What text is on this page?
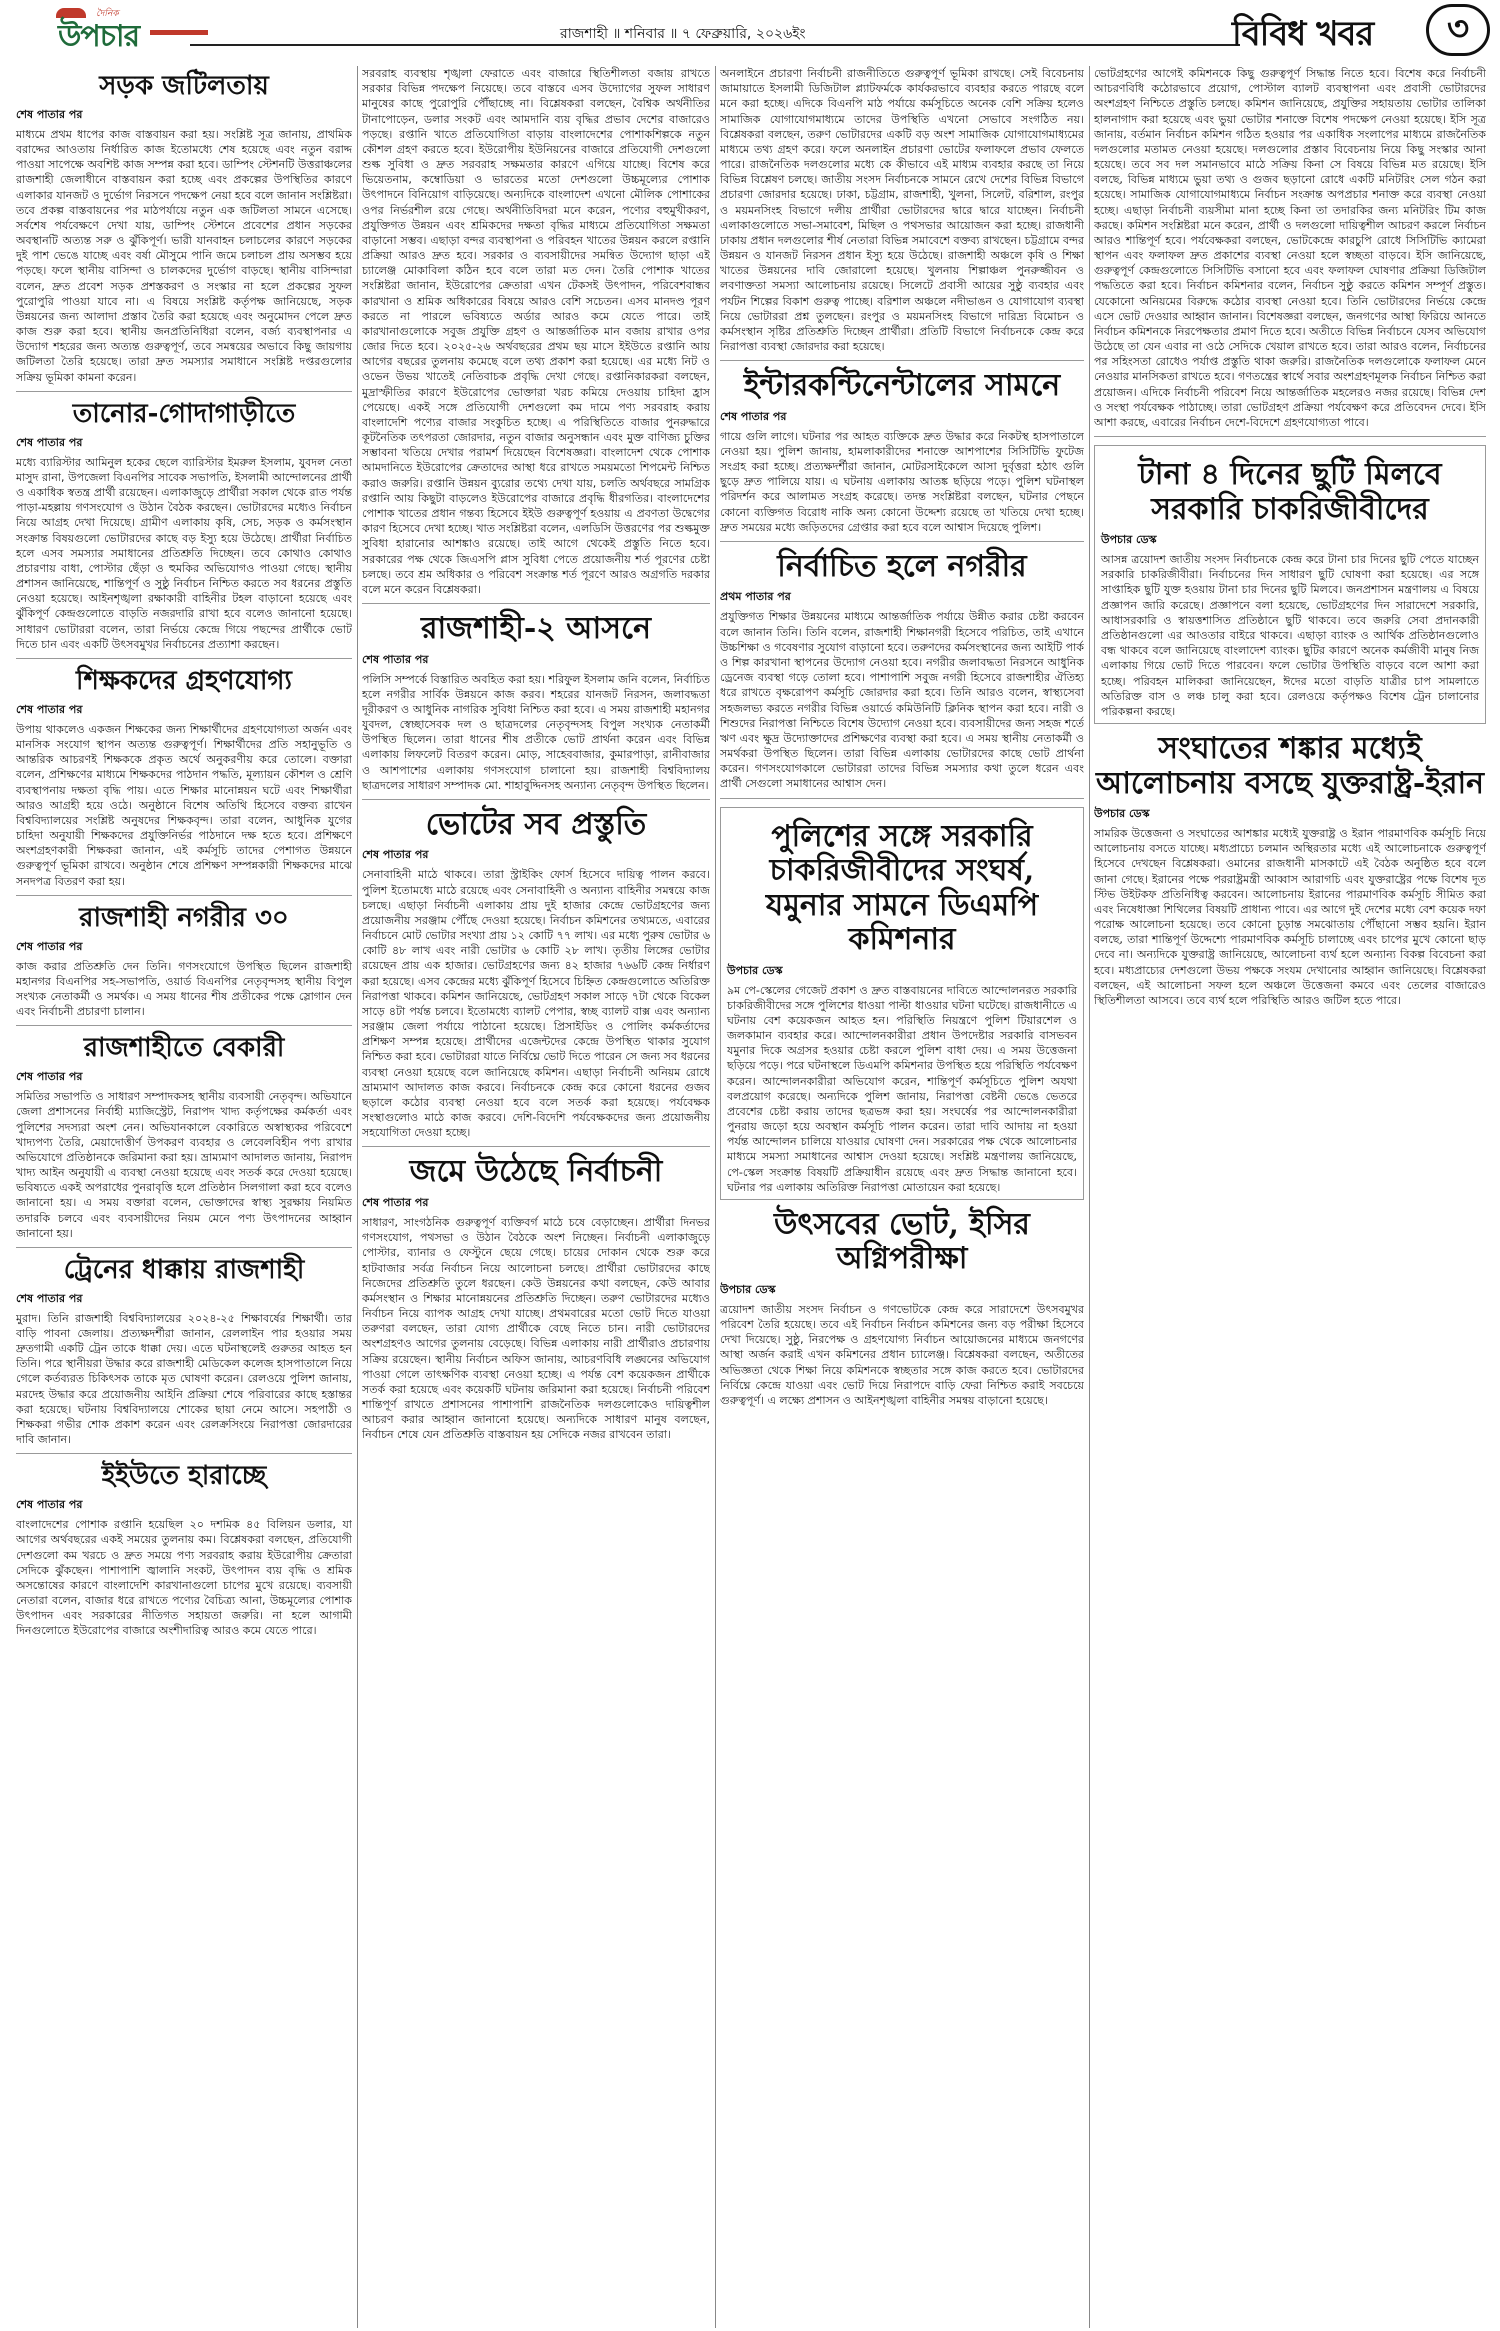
দৈনিক
উপচার	রাজশাহী ॥ শনিবার ॥ ৭ ফেব্রুয়ারি, ২০২৬ইং	বিবিধ খবর	৩
সড়ক জটিলতায়
শেষ পাতার পর

মাধ্যমে প্রথম ধাপের কাজ বাস্তবায়ন করা হয়। সংশ্লিষ্ট সূত্র জানায়, প্রাথমিক বরাদ্দের আওতায় নির্ধারিত কাজ ইতোমধ্যে শেষ হয়েছে এবং নতুন বরাদ্দ পাওয়া সাপেক্ষে অবশিষ্ট কাজ সম্পন্ন করা হবে। ডাম্পিং স্টেশনটি উত্তরাঞ্চলের রাজশাহী জেলাধীনে বাস্তবায়ন করা হচ্ছে এবং প্রকল্পের উপস্থিতির কারণে এলাকার যানজট ও দুর্ভোগ নিরসনে পদক্ষেপ নেয়া হবে বলে জানান সংশ্লিষ্টরা। তবে প্রকল্প বাস্তবায়নের পর মাঠপর্যায়ে নতুন এক জটিলতা সামনে এসেছে। সর্বশেষ পর্যবেক্ষণে দেখা যায়, ডাম্পিং স্টেশনে প্রবেশের প্রধান সড়কের অবস্থানটি অত্যন্ত সরু ও ঝুঁকিপূর্ণ। ভারী যানবাহন চলাচলের কারণে সড়কের দুই পাশ ভেঙে যাচ্ছে এবং বর্ষা মৌসুমে পানি জমে চলাচল প্রায় অসম্ভব হয়ে পড়ছে। ফলে স্থানীয় বাসিন্দা ও চালকদের দুর্ভোগ বাড়ছে। স্থানীয় বাসিন্দারা বলেন, দ্রুত প্রবেশ সড়ক প্রশস্তকরণ ও সংস্কার না হলে প্রকল্পের সুফল পুরোপুরি পাওয়া যাবে না। এ বিষয়ে সংশ্লিষ্ট কর্তৃপক্ষ জানিয়েছে, সড়ক উন্নয়নের জন্য আলাদা প্রস্তাব তৈরি করা হয়েছে এবং অনুমোদন পেলে দ্রুত কাজ শুরু করা হবে। স্থানীয় জনপ্রতিনিধিরা বলেন, বর্জ্য ব্যবস্থাপনার এ উদ্যোগ শহরের জন্য অত্যন্ত গুরুত্বপূর্ণ, তবে সমন্বয়ের অভাবে কিছু জায়গায় জটিলতা তৈরি হয়েছে। তারা দ্রুত সমস্যার সমাধানে সংশ্লিষ্ট দপ্তরগুলোর সক্রিয় ভূমিকা কামনা করেন।

তানোর-গোদাগাড়ীতে
শেষ পাতার পর

মধ্যে ব্যারিস্টার আমিনুল হকের ছেলে ব্যারিস্টার ইমরুল ইসলাম, যুবদল নেতা মাসুদ রানা, উপজেলা বিএনপির সাবেক সভাপতি, ইসলামী আন্দোলনের প্রার্থী ও একাধিক স্বতন্ত্র প্রার্থী রয়েছেন। এলাকাজুড়ে প্রার্থীরা সকাল থেকে রাত পর্যন্ত পাড়া-মহল্লায় গণসংযোগ ও উঠান বৈঠক করছেন। ভোটারদের মধ্যেও নির্বাচন নিয়ে আগ্রহ দেখা দিয়েছে। গ্রামীণ এলাকায় কৃষি, সেচ, সড়ক ও কর্মসংস্থান সংক্রান্ত বিষয়গুলো ভোটারদের কাছে বড় ইস্যু হয়ে উঠেছে। প্রার্থীরা নির্বাচিত হলে এসব সমস্যার সমাধানের প্রতিশ্রুতি দিচ্ছেন। তবে কোথাও কোথাও প্রচারণায় বাধা, পোস্টার ছেঁড়া ও হুমকির অভিযোগও পাওয়া গেছে। স্থানীয় প্রশাসন জানিয়েছে, শান্তিপূর্ণ ও সুষ্ঠু নির্বাচন নিশ্চিত করতে সব ধরনের প্রস্তুতি নেওয়া হয়েছে। আইনশৃঙ্খলা রক্ষাকারী বাহিনীর টহল বাড়ানো হয়েছে এবং ঝুঁকিপূর্ণ কেন্দ্রগুলোতে বাড়তি নজরদারি রাখা হবে বলেও জানানো হয়েছে। সাধারণ ভোটাররা বলেন, তারা নির্ভয়ে কেন্দ্রে গিয়ে পছন্দের প্রার্থীকে ভোট দিতে চান এবং একটি উৎসবমুখর নির্বাচনের প্রত্যাশা করছেন।

শিক্ষকদের গ্রহণযোগ্য
শেষ পাতার পর

উপায় থাকলেও একজন শিক্ষকের জন্য শিক্ষার্থীদের গ্রহণযোগ্যতা অর্জন এবং মানসিক সংযোগ স্থাপন অত্যন্ত গুরুত্বপূর্ণ। শিক্ষার্থীদের প্রতি সহানুভূতি ও আন্তরিক আচরণই শিক্ষককে প্রকৃত অর্থে অনুকরণীয় করে তোলে। বক্তারা বলেন, প্রশিক্ষণের মাধ্যমে শিক্ষকদের পাঠদান পদ্ধতি, মূল্যায়ন কৌশল ও শ্রেণি ব্যবস্থাপনায় দক্ষতা বৃদ্ধি পায়। এতে শিক্ষার মানোন্নয়ন ঘটে এবং শিক্ষার্থীরা আরও আগ্রহী হয়ে ওঠে। অনুষ্ঠানে বিশেষ অতিথি হিসেবে বক্তব্য রাখেন বিশ্ববিদ্যালয়ের সংশ্লিষ্ট অনুষদের শিক্ষকবৃন্দ। তারা বলেন, আধুনিক যুগের চাহিদা অনুযায়ী শিক্ষকদের প্রযুক্তিনির্ভর পাঠদানে দক্ষ হতে হবে। প্রশিক্ষণে অংশগ্রহণকারী শিক্ষকরা জানান, এই কর্মসূচি তাদের পেশাগত উন্নয়নে গুরুত্বপূর্ণ ভূমিকা রাখবে। অনুষ্ঠান শেষে প্রশিক্ষণ সম্পন্নকারী শিক্ষকদের মাঝে সনদপত্র বিতরণ করা হয়।

রাজশাহী নগরীর ৩০
শেষ পাতার পর

কাজ করার প্রতিশ্রুতি দেন তিনি। গণসংযোগে উপস্থিত ছিলেন রাজশাহী মহানগর বিএনপির সহ-সভাপতি, ওয়ার্ড বিএনপির নেতৃবৃন্দসহ স্থানীয় বিপুল সংখ্যক নেতাকর্মী ও সমর্থক। এ সময় ধানের শীষ প্রতীকের পক্ষে স্লোগান দেন এবং নির্বাচনী প্রচারণা চালান।

রাজশাহীতে বেকারী
শেষ পাতার পর

সমিতির সভাপতি ও সাধারণ সম্পাদকসহ স্থানীয় ব্যবসায়ী নেতৃবৃন্দ। অভিযানে জেলা প্রশাসনের নির্বাহী ম্যাজিস্ট্রেট, নিরাপদ খাদ্য কর্তৃপক্ষের কর্মকর্তা এবং পুলিশের সদস্যরা অংশ নেন। অভিযানকালে বেকারিতে অস্বাস্থ্যকর পরিবেশে খাদ্যপণ্য তৈরি, মেয়াদোত্তীর্ণ উপকরণ ব্যবহার ও লেবেলবিহীন পণ্য রাখার অভিযোগে প্রতিষ্ঠানকে জরিমানা করা হয়। ভ্রাম্যমাণ আদালত জানায়, নিরাপদ খাদ্য আইন অনুযায়ী এ ব্যবস্থা নেওয়া হয়েছে এবং সতর্ক করে দেওয়া হয়েছে। ভবিষ্যতে একই অপরাধের পুনরাবৃত্তি হলে প্রতিষ্ঠান সিলগালা করা হবে বলেও জানানো হয়। এ সময় বক্তারা বলেন, ভোক্তাদের স্বাস্থ্য সুরক্ষায় নিয়মিত তদারকি চলবে এবং ব্যবসায়ীদের নিয়ম মেনে পণ্য উৎপাদনের আহ্বান জানানো হয়।

ট্রেনের ধাক্কায় রাজশাহী
শেষ পাতার পর

মুরাদ। তিনি রাজশাহী বিশ্ববিদ্যালয়ের ২০২৪-২৫ শিক্ষাবর্ষের শিক্ষার্থী। তার বাড়ি পাবনা জেলায়। প্রত্যক্ষদর্শীরা জানান, রেললাইন পার হওয়ার সময় দ্রুতগামী একটি ট্রেন তাকে ধাক্কা দেয়। এতে ঘটনাস্থলেই গুরুতর আহত হন তিনি। পরে স্থানীয়রা উদ্ধার করে রাজশাহী মেডিকেল কলেজ হাসপাতালে নিয়ে গেলে কর্তব্যরত চিকিৎসক তাকে মৃত ঘোষণা করেন। রেলওয়ে পুলিশ জানায়, মরদেহ উদ্ধার করে প্রয়োজনীয় আইনি প্রক্রিয়া শেষে পরিবারের কাছে হস্তান্তর করা হয়েছে। ঘটনায় বিশ্ববিদ্যালয়ে শোকের ছায়া নেমে আসে। সহপাঠী ও শিক্ষকরা গভীর শোক প্রকাশ করেন এবং রেলক্রসিংয়ে নিরাপত্তা জোরদারের দাবি জানান।

ইইউতে হারাচ্ছে
শেষ পাতার পর

বাংলাদেশের পোশাক রপ্তানি হয়েছিল ২০ দশমিক ৪৫ বিলিয়ন ডলার, যা আগের অর্থবছরের একই সময়ের তুলনায় কম। বিশ্লেষকরা বলছেন, প্রতিযোগী দেশগুলো কম খরচে ও দ্রুত সময়ে পণ্য সরবরাহ করায় ইউরোপীয় ক্রেতারা সেদিকে ঝুঁকছেন। পাশাপাশি জ্বালানি সংকট, উৎপাদন ব্যয় বৃদ্ধি ও শ্রমিক অসন্তোষের কারণে বাংলাদেশি কারখানাগুলো চাপের মুখে রয়েছে। ব্যবসায়ী নেতারা বলেন, বাজার ধরে রাখতে পণ্যের বৈচিত্র্য আনা, উচ্চমূল্যের পোশাক উৎপাদন এবং সরকারের নীতিগত সহায়তা জরুরি। না হলে আগামী দিনগুলোতে ইউরোপের বাজারে অংশীদারিত্ব আরও কমে যেতে পারে।

সরবরাহ ব্যবস্থায় শৃঙ্খলা ফেরাতে এবং বাজারে স্থিতিশীলতা বজায় রাখতে সরকার বিভিন্ন পদক্ষেপ নিয়েছে। তবে বাস্তবে এসব উদ্যোগের সুফল সাধারণ মানুষের কাছে পুরোপুরি পৌঁছাচ্ছে না। বিশ্লেষকরা বলছেন, বৈশ্বিক অর্থনীতির টানাপোড়েন, ডলার সংকট এবং আমদানি ব্যয় বৃদ্ধির প্রভাব দেশের বাজারেও পড়ছে। রপ্তানি খাতে প্রতিযোগিতা বাড়ায় বাংলাদেশের পোশাকশিল্পকে নতুন কৌশল গ্রহণ করতে হবে। ইউরোপীয় ইউনিয়নের বাজারে প্রতিযোগী দেশগুলো শুল্ক সুবিধা ও দ্রুত সরবরাহ সক্ষমতার কারণে এগিয়ে যাচ্ছে। বিশেষ করে ভিয়েতনাম, কম্বোডিয়া ও ভারতের মতো দেশগুলো উচ্চমূল্যের পোশাক উৎপাদনে বিনিয়োগ বাড়িয়েছে। অন্যদিকে বাংলাদেশ এখনো মৌলিক পোশাকের ওপর নির্ভরশীল রয়ে গেছে। অর্থনীতিবিদরা মনে করেন, পণ্যের বহুমুখীকরণ, প্রযুক্তিগত উন্নয়ন এবং শ্রমিকদের দক্ষতা বৃদ্ধির মাধ্যমে প্রতিযোগিতা সক্ষমতা বাড়ানো সম্ভব। এছাড়া বন্দর ব্যবস্থাপনা ও পরিবহন খাতের উন্নয়ন করলে রপ্তানি প্রক্রিয়া আরও দ্রুত হবে। সরকার ও ব্যবসায়ীদের সমন্বিত উদ্যোগ ছাড়া এই চ্যালেঞ্জ মোকাবিলা কঠিন হবে বলে তারা মত দেন। তৈরি পোশাক খাতের সংশ্লিষ্টরা জানান, ইউরোপের ক্রেতারা এখন টেকসই উৎপাদন, পরিবেশবান্ধব কারখানা ও শ্রমিক অধিকারের বিষয়ে আরও বেশি সচেতন। এসব মানদণ্ড পূরণ করতে না পারলে ভবিষ্যতে অর্ডার আরও কমে যেতে পারে। তাই কারখানাগুলোকে সবুজ প্রযুক্তি গ্রহণ ও আন্তর্জাতিক মান বজায় রাখার ওপর জোর দিতে হবে। ২০২৫-২৬ অর্থবছরের প্রথম ছয় মাসে ইইউতে রপ্তানি আয় আগের বছরের তুলনায় কমেছে বলে তথ্য প্রকাশ করা হয়েছে। এর মধ্যে নিট ও ওভেন উভয় খাতেই নেতিবাচক প্রবৃদ্ধি দেখা গেছে। রপ্তানিকারকরা বলছেন, মুদ্রাস্ফীতির কারণে ইউরোপের ভোক্তারা খরচ কমিয়ে দেওয়ায় চাহিদা হ্রাস পেয়েছে। একই সঙ্গে প্রতিযোগী দেশগুলো কম দামে পণ্য সরবরাহ করায় বাংলাদেশি পণ্যের বাজার সংকুচিত হচ্ছে। এ পরিস্থিতিতে বাজার পুনরুদ্ধারে কূটনৈতিক তৎপরতা জোরদার, নতুন বাজার অনুসন্ধান এবং মুক্ত বাণিজ্য চুক্তির সম্ভাবনা খতিয়ে দেখার পরামর্শ দিয়েছেন বিশেষজ্ঞরা। বাংলাদেশ থেকে পোশাক আমদানিতে ইউরোপের ক্রেতাদের আস্থা ধরে রাখতে সময়মতো শিপমেন্ট নিশ্চিত করাও জরুরি। রপ্তানি উন্নয়ন ব্যুরোর তথ্যে দেখা যায়, চলতি অর্থবছরে সামগ্রিক রপ্তানি আয় কিছুটা বাড়লেও ইউরোপের বাজারে প্রবৃদ্ধি ধীরগতির। বাংলাদেশের পোশাক খাতের প্রধান গন্তব্য হিসেবে ইইউ গুরুত্বপূর্ণ হওয়ায় এ প্রবণতা উদ্বেগের কারণ হিসেবে দেখা হচ্ছে। খাত সংশ্লিষ্টরা বলেন, এলডিসি উত্তরণের পর শুল্কমুক্ত সুবিধা হারানোর আশঙ্কাও রয়েছে। তাই আগে থেকেই প্রস্তুতি নিতে হবে। সরকারের পক্ষ থেকে জিএসপি প্লাস সুবিধা পেতে প্রয়োজনীয় শর্ত পূরণের চেষ্টা চলছে। তবে শ্রম অধিকার ও পরিবেশ সংক্রান্ত শর্ত পূরণে আরও অগ্রগতি দরকার বলে মনে করেন বিশ্লেষকরা।

রাজশাহী-২ আসনে
শেষ পাতার পর

পলিসি সম্পর্কে বিস্তারিত অবহিত করা হয়। শরিফুল ইসলাম জনি বলেন, নির্বাচিত হলে নগরীর সার্বিক উন্নয়নে কাজ করব। শহরের যানজট নিরসন, জলাবদ্ধতা দূরীকরণ ও আধুনিক নাগরিক সুবিধা নিশ্চিত করা হবে। এ সময় রাজশাহী মহানগর যুবদল, স্বেচ্ছাসেবক দল ও ছাত্রদলের নেতৃবৃন্দসহ বিপুল সংখ্যক নেতাকর্মী উপস্থিত ছিলেন। তারা ধানের শীষ প্রতীকে ভোট প্রার্থনা করেন এবং বিভিন্ন এলাকায় লিফলেট বিতরণ করেন। মোড়, সাহেববাজার, কুমারপাড়া, রানীবাজার ও আশপাশের এলাকায় গণসংযোগ চালানো হয়। রাজশাহী বিশ্ববিদ্যালয় ছাত্রদলের সাধারণ সম্পাদক মো. শাহাবুদ্দিনসহ অন্যান্য নেতৃবৃন্দ উপস্থিত ছিলেন।

ভোটের সব প্রস্তুতি
শেষ পাতার পর

সেনাবাহিনী মাঠে থাকবে। তারা স্ট্রাইকিং ফোর্স হিসেবে দায়িত্ব পালন করবে। পুলিশ ইতোমধ্যে মাঠে রয়েছে এবং সেনাবাহিনী ও অন্যান্য বাহিনীর সমন্বয়ে কাজ চলছে। এছাড়া নির্বাচনী এলাকায় প্রায় দুই হাজার কেন্দ্রে ভোটগ্রহণের জন্য প্রয়োজনীয় সরঞ্জাম পৌঁছে দেওয়া হয়েছে। নির্বাচন কমিশনের তথ্যমতে, এবারের নির্বাচনে মোট ভোটার সংখ্যা প্রায় ১২ কোটি ৭৭ লাখ। এর মধ্যে পুরুষ ভোটার ৬ কোটি ৪৮ লাখ এবং নারী ভোটার ৬ কোটি ২৮ লাখ। তৃতীয় লিঙ্গের ভোটার রয়েছেন প্রায় এক হাজার। ভোটগ্রহণের জন্য ৪২ হাজার ৭৬৬টি কেন্দ্র নির্ধারণ করা হয়েছে। এসব কেন্দ্রের মধ্যে ঝুঁকিপূর্ণ হিসেবে চিহ্নিত কেন্দ্রগুলোতে অতিরিক্ত নিরাপত্তা থাকবে। কমিশন জানিয়েছে, ভোটগ্রহণ সকাল সাড়ে ৭টা থেকে বিকেল সাড়ে ৪টা পর্যন্ত চলবে। ইতোমধ্যে ব্যালট পেপার, স্বচ্ছ ব্যালট বাক্স এবং অন্যান্য সরঞ্জাম জেলা পর্যায়ে পাঠানো হয়েছে। প্রিসাইডিং ও পোলিং কর্মকর্তাদের প্রশিক্ষণ সম্পন্ন হয়েছে। প্রার্থীদের এজেন্টদের কেন্দ্রে উপস্থিত থাকার সুযোগ নিশ্চিত করা হবে। ভোটাররা যাতে নির্বিঘ্নে ভোট দিতে পারেন সে জন্য সব ধরনের ব্যবস্থা নেওয়া হয়েছে বলে জানিয়েছে কমিশন। এছাড়া নির্বাচনী অনিয়ম রোধে ভ্রাম্যমাণ আদালত কাজ করবে। নির্বাচনকে কেন্দ্র করে কোনো ধরনের গুজব ছড়ালে কঠোর ব্যবস্থা নেওয়া হবে বলে সতর্ক করা হয়েছে। পর্যবেক্ষক সংস্থাগুলোও মাঠে কাজ করবে। দেশি-বিদেশি পর্যবেক্ষকদের জন্য প্রয়োজনীয় সহযোগিতা দেওয়া হচ্ছে।

জমে উঠেছে নির্বাচনী
শেষ পাতার পর

সাধারণ, সাংগঠনিক গুরুত্বপূর্ণ ব্যক্তিবর্গ মাঠে চষে বেড়াচ্ছেন। প্রার্থীরা দিনভর গণসংযোগ, পথসভা ও উঠান বৈঠকে অংশ নিচ্ছেন। নির্বাচনী এলাকাজুড়ে পোস্টার, ব্যানার ও ফেস্টুনে ছেয়ে গেছে। চায়ের দোকান থেকে শুরু করে হাটবাজার সর্বত্র নির্বাচন নিয়ে আলোচনা চলছে। প্রার্থীরা ভোটারদের কাছে নিজেদের প্রতিশ্রুতি তুলে ধরছেন। কেউ উন্নয়নের কথা বলছেন, কেউ আবার কর্মসংস্থান ও শিক্ষার মানোন্নয়নের প্রতিশ্রুতি দিচ্ছেন। তরুণ ভোটারদের মধ্যেও নির্বাচন নিয়ে ব্যাপক আগ্রহ দেখা যাচ্ছে। প্রথমবারের মতো ভোট দিতে যাওয়া তরুণরা বলছেন, তারা যোগ্য প্রার্থীকে বেছে নিতে চান। নারী ভোটারদের অংশগ্রহণও আগের তুলনায় বেড়েছে। বিভিন্ন এলাকায় নারী প্রার্থীরাও প্রচারণায় সক্রিয় রয়েছেন। স্থানীয় নির্বাচন অফিস জানায়, আচরণবিধি লঙ্ঘনের অভিযোগ পাওয়া গেলে তাৎক্ষণিক ব্যবস্থা নেওয়া হচ্ছে। এ পর্যন্ত বেশ কয়েকজন প্রার্থীকে সতর্ক করা হয়েছে এবং কয়েকটি ঘটনায় জরিমানা করা হয়েছে। নির্বাচনী পরিবেশ শান্তিপূর্ণ রাখতে প্রশাসনের পাশাপাশি রাজনৈতিক দলগুলোকেও দায়িত্বশীল আচরণ করার আহ্বান জানানো হয়েছে। অন্যদিকে সাধারণ মানুষ বলছেন, নির্বাচন শেষে যেন প্রতিশ্রুতি বাস্তবায়ন হয় সেদিকে নজর রাখবেন তারা।

অনলাইনে প্রচারণা নির্বাচনী রাজনীতিতে গুরুত্বপূর্ণ ভূমিকা রাখছে। সেই বিবেচনায় জামায়াতে ইসলামী ডিজিটাল প্ল্যাটফর্মকে কার্যকরভাবে ব্যবহার করতে পারছে বলে মনে করা হচ্ছে। এদিকে বিএনপি মাঠ পর্যায়ে কর্মসূচিতে অনেক বেশি সক্রিয় হলেও সামাজিক যোগাযোগমাধ্যমে তাদের উপস্থিতি এখনো সেভাবে সংগঠিত নয়। বিশ্লেষকরা বলছেন, তরুণ ভোটারদের একটি বড় অংশ সামাজিক যোগাযোগমাধ্যমের মাধ্যমে তথ্য গ্রহণ করে। ফলে অনলাইন প্রচারণা ভোটের ফলাফলে প্রভাব ফেলতে পারে। রাজনৈতিক দলগুলোর মধ্যে কে কীভাবে এই মাধ্যম ব্যবহার করছে তা নিয়ে বিভিন্ন বিশ্লেষণ চলছে। জাতীয় সংসদ নির্বাচনকে সামনে রেখে দেশের বিভিন্ন বিভাগে প্রচারণা জোরদার হয়েছে। ঢাকা, চট্টগ্রাম, রাজশাহী, খুলনা, সিলেট, বরিশাল, রংপুর ও ময়মনসিংহ বিভাগে দলীয় প্রার্থীরা ভোটারদের দ্বারে দ্বারে যাচ্ছেন। নির্বাচনী এলাকাগুলোতে সভা-সমাবেশ, মিছিল ও পথসভার আয়োজন করা হচ্ছে। রাজধানী ঢাকায় প্রধান দলগুলোর শীর্ষ নেতারা বিভিন্ন সমাবেশে বক্তব্য রাখছেন। চট্টগ্রামে বন্দর উন্নয়ন ও যানজট নিরসন প্রধান ইস্যু হয়ে উঠেছে। রাজশাহী অঞ্চলে কৃষি ও শিক্ষা খাতের উন্নয়নের দাবি জোরালো হয়েছে। খুলনায় শিল্পাঞ্চল পুনরুজ্জীবন ও লবণাক্ততা সমস্যা আলোচনায় রয়েছে। সিলেটে প্রবাসী আয়ের সুষ্ঠু ব্যবহার এবং পর্যটন শিল্পের বিকাশ গুরুত্ব পাচ্ছে। বরিশাল অঞ্চলে নদীভাঙন ও যোগাযোগ ব্যবস্থা নিয়ে ভোটাররা প্রশ্ন তুলছেন। রংপুর ও ময়মনসিংহ বিভাগে দারিদ্র্য বিমোচন ও কর্মসংস্থান সৃষ্টির প্রতিশ্রুতি দিচ্ছেন প্রার্থীরা। প্রতিটি বিভাগে নির্বাচনকে কেন্দ্র করে নিরাপত্তা ব্যবস্থা জোরদার করা হয়েছে।

ইন্টারকন্টিনেন্টালের সামনে
শেষ পাতার পর

গায়ে গুলি লাগে। ঘটনার পর আহত ব্যক্তিকে দ্রুত উদ্ধার করে নিকটস্থ হাসপাতালে নেওয়া হয়। পুলিশ জানায়, হামলাকারীদের শনাক্তে আশপাশের সিসিটিভি ফুটেজ সংগ্রহ করা হচ্ছে। প্রত্যক্ষদর্শীরা জানান, মোটরসাইকেলে আসা দুর্বৃত্তরা হঠাৎ গুলি ছুড়ে দ্রুত পালিয়ে যায়। এ ঘটনায় এলাকায় আতঙ্ক ছড়িয়ে পড়ে। পুলিশ ঘটনাস্থল পরিদর্শন করে আলামত সংগ্রহ করেছে। তদন্ত সংশ্লিষ্টরা বলছেন, ঘটনার পেছনে কোনো ব্যক্তিগত বিরোধ নাকি অন্য কোনো উদ্দেশ্য রয়েছে তা খতিয়ে দেখা হচ্ছে। দ্রুত সময়ের মধ্যে জড়িতদের গ্রেপ্তার করা হবে বলে আশ্বাস দিয়েছে পুলিশ।

নির্বাচিত হলে নগরীর
প্রথম পাতার পর

প্রযুক্তিগত শিক্ষার উন্নয়নের মাধ্যমে আন্তর্জাতিক পর্যায়ে উন্নীত করার চেষ্টা করবেন বলে জানান তিনি। তিনি বলেন, রাজশাহী শিক্ষানগরী হিসেবে পরিচিত, তাই এখানে উচ্চশিক্ষা ও গবেষণার সুযোগ বাড়ানো হবে। তরুণদের কর্মসংস্থানের জন্য আইটি পার্ক ও শিল্প কারখানা স্থাপনের উদ্যোগ নেওয়া হবে। নগরীর জলাবদ্ধতা নিরসনে আধুনিক ড্রেনেজ ব্যবস্থা গড়ে তোলা হবে। পাশাপাশি সবুজ নগরী হিসেবে রাজশাহীর ঐতিহ্য ধরে রাখতে বৃক্ষরোপণ কর্মসূচি জোরদার করা হবে। তিনি আরও বলেন, স্বাস্থ্যসেবা সহজলভ্য করতে নগরীর বিভিন্ন ওয়ার্ডে কমিউনিটি ক্লিনিক স্থাপন করা হবে। নারী ও শিশুদের নিরাপত্তা নিশ্চিতে বিশেষ উদ্যোগ নেওয়া হবে। ব্যবসায়ীদের জন্য সহজ শর্তে ঋণ এবং ক্ষুদ্র উদ্যোক্তাদের প্রশিক্ষণের ব্যবস্থা করা হবে। এ সময় স্থানীয় নেতাকর্মী ও সমর্থকরা উপস্থিত ছিলেন। তারা বিভিন্ন এলাকায় ভোটারদের কাছে ভোট প্রার্থনা করেন। গণসংযোগকালে ভোটাররা তাদের বিভিন্ন সমস্যার কথা তুলে ধরেন এবং প্রার্থী সেগুলো সমাধানের আশ্বাস দেন।

পুলিশের সঙ্গে সরকারি চাকরিজীবীদের সংঘর্ষ, যমুনার সামনে ডিএমপি কমিশনার
উপচার ডেস্ক

৯ম পে-স্কেলের গেজেট প্রকাশ ও দ্রুত বাস্তবায়নের দাবিতে আন্দোলনরত সরকারি চাকরিজীবীদের সঙ্গে পুলিশের ধাওয়া পাল্টা ধাওয়ার ঘটনা ঘটেছে। রাজধানীতে এ ঘটনায় বেশ কয়েকজন আহত হন। পরিস্থিতি নিয়ন্ত্রণে পুলিশ টিয়ারশেল ও জলকামান ব্যবহার করে। আন্দোলনকারীরা প্রধান উপদেষ্টার সরকারি বাসভবন যমুনার দিকে অগ্রসর হওয়ার চেষ্টা করলে পুলিশ বাধা দেয়। এ সময় উত্তেজনা ছড়িয়ে পড়ে। পরে ঘটনাস্থলে ডিএমপি কমিশনার উপস্থিত হয়ে পরিস্থিতি পর্যবেক্ষণ করেন। আন্দোলনকারীরা অভিযোগ করেন, শান্তিপূর্ণ কর্মসূচিতে পুলিশ অযথা বলপ্রয়োগ করেছে। অন্যদিকে পুলিশ জানায়, নিরাপত্তা বেষ্টনী ভেঙে ভেতরে প্রবেশের চেষ্টা করায় তাদের ছত্রভঙ্গ করা হয়। সংঘর্ষের পর আন্দোলনকারীরা পুনরায় জড়ো হয়ে অবস্থান কর্মসূচি পালন করেন। তারা দাবি আদায় না হওয়া পর্যন্ত আন্দোলন চালিয়ে যাওয়ার ঘোষণা দেন। সরকারের পক্ষ থেকে আলোচনার মাধ্যমে সমস্যা সমাধানের আশ্বাস দেওয়া হয়েছে। সংশ্লিষ্ট মন্ত্রণালয় জানিয়েছে, পে-স্কেল সংক্রান্ত বিষয়টি প্রক্রিয়াধীন রয়েছে এবং দ্রুত সিদ্ধান্ত জানানো হবে। ঘটনার পর এলাকায় অতিরিক্ত নিরাপত্তা মোতায়েন করা হয়েছে।

উৎসবের ভোট, ইসির অগ্নিপরীক্ষা
উপচার ডেস্ক

ত্রয়োদশ জাতীয় সংসদ নির্বাচন ও গণভোটকে কেন্দ্র করে সারাদেশে উৎসবমুখর পরিবেশ তৈরি হয়েছে। তবে এই নির্বাচন নির্বাচন কমিশনের জন্য বড় পরীক্ষা হিসেবে দেখা দিয়েছে। সুষ্ঠু, নিরপেক্ষ ও গ্রহণযোগ্য নির্বাচন আয়োজনের মাধ্যমে জনগণের আস্থা অর্জন করাই এখন কমিশনের প্রধান চ্যালেঞ্জ। বিশ্লেষকরা বলছেন, অতীতের অভিজ্ঞতা থেকে শিক্ষা নিয়ে কমিশনকে স্বচ্ছতার সঙ্গে কাজ করতে হবে। ভোটারদের নির্বিঘ্নে কেন্দ্রে যাওয়া এবং ভোট দিয়ে নিরাপদে বাড়ি ফেরা নিশ্চিত করাই সবচেয়ে গুরুত্বপূর্ণ। এ লক্ষ্যে প্রশাসন ও আইনশৃঙ্খলা বাহিনীর সমন্বয় বাড়ানো হয়েছে।

ভোটগ্রহণের আগেই কমিশনকে কিছু গুরুত্বপূর্ণ সিদ্ধান্ত নিতে হবে। বিশেষ করে নির্বাচনী আচরণবিধি কঠোরভাবে প্রয়োগ, পোস্টাল ব্যালট ব্যবস্থাপনা এবং প্রবাসী ভোটারদের অংশগ্রহণ নিশ্চিতে প্রস্তুতি চলছে। কমিশন জানিয়েছে, প্রযুক্তির সহায়তায় ভোটার তালিকা হালনাগাদ করা হয়েছে এবং ভুয়া ভোটার শনাক্তে বিশেষ পদক্ষেপ নেওয়া হয়েছে। ইসি সূত্র জানায়, বর্তমান নির্বাচন কমিশন গঠিত হওয়ার পর একাধিক সংলাপের মাধ্যমে রাজনৈতিক দলগুলোর মতামত নেওয়া হয়েছে। দলগুলোর প্রস্তাব বিবেচনায় নিয়ে কিছু সংস্কার আনা হয়েছে। তবে সব দল সমানভাবে মাঠে সক্রিয় কিনা সে বিষয়ে বিভিন্ন মত রয়েছে। ইসি বলছে, বিভিন্ন মাধ্যমে ভুয়া তথ্য ও গুজব ছড়ানো রোধে একটি মনিটরিং সেল গঠন করা হয়েছে। সামাজিক যোগাযোগমাধ্যমে নির্বাচন সংক্রান্ত অপপ্রচার শনাক্ত করে ব্যবস্থা নেওয়া হচ্ছে। এছাড়া নির্বাচনী ব্যয়সীমা মানা হচ্ছে কিনা তা তদারকির জন্য মনিটরিং টিম কাজ করছে। কমিশন সংশ্লিষ্টরা মনে করেন, প্রার্থী ও দলগুলো দায়িত্বশীল আচরণ করলে নির্বাচন আরও শান্তিপূর্ণ হবে। পর্যবেক্ষকরা বলছেন, ভোটকেন্দ্রে কারচুপি রোধে সিসিটিভি ক্যামেরা স্থাপন এবং ফলাফল দ্রুত প্রকাশের ব্যবস্থা নেওয়া হলে স্বচ্ছতা বাড়বে। ইসি জানিয়েছে, গুরুত্বপূর্ণ কেন্দ্রগুলোতে সিসিটিভি বসানো হবে এবং ফলাফল ঘোষণার প্রক্রিয়া ডিজিটাল পদ্ধতিতে করা হবে। নির্বাচন কমিশনার বলেন, নির্বাচন সুষ্ঠু করতে কমিশন সম্পূর্ণ প্রস্তুত। যেকোনো অনিয়মের বিরুদ্ধে কঠোর ব্যবস্থা নেওয়া হবে। তিনি ভোটারদের নির্ভয়ে কেন্দ্রে এসে ভোট দেওয়ার আহ্বান জানান। বিশেষজ্ঞরা বলছেন, জনগণের আস্থা ফিরিয়ে আনতে নির্বাচন কমিশনকে নিরপেক্ষতার প্রমাণ দিতে হবে। অতীতে বিভিন্ন নির্বাচনে যেসব অভিযোগ উঠেছে তা যেন এবার না ওঠে সেদিকে খেয়াল রাখতে হবে। তারা আরও বলেন, নির্বাচনের পর সহিংসতা রোধেও পর্যাপ্ত প্রস্তুতি থাকা জরুরি। রাজনৈতিক দলগুলোকে ফলাফল মেনে নেওয়ার মানসিকতা রাখতে হবে। গণতন্ত্রের স্বার্থে সবার অংশগ্রহণমূলক নির্বাচন নিশ্চিত করা প্রয়োজন। এদিকে নির্বাচনী পরিবেশ নিয়ে আন্তর্জাতিক মহলেরও নজর রয়েছে। বিভিন্ন দেশ ও সংস্থা পর্যবেক্ষক পাঠাচ্ছে। তারা ভোটগ্রহণ প্রক্রিয়া পর্যবেক্ষণ করে প্রতিবেদন দেবে। ইসি আশা করছে, এবারের নির্বাচন দেশে-বিদেশে গ্রহণযোগ্যতা পাবে।

টানা ৪ দিনের ছুটি মিলবে সরকারি চাকরিজীবীদের
উপচার ডেস্ক

আসন্ন ত্রয়োদশ জাতীয় সংসদ নির্বাচনকে কেন্দ্র করে টানা চার দিনের ছুটি পেতে যাচ্ছেন সরকারি চাকরিজীবীরা। নির্বাচনের দিন সাধারণ ছুটি ঘোষণা করা হয়েছে। এর সঙ্গে সাপ্তাহিক ছুটি যুক্ত হওয়ায় টানা চার দিনের ছুটি মিলবে। জনপ্রশাসন মন্ত্রণালয় এ বিষয়ে প্রজ্ঞাপন জারি করেছে। প্রজ্ঞাপনে বলা হয়েছে, ভোটগ্রহণের দিন সারাদেশে সরকারি, আধাসরকারি ও স্বায়ত্তশাসিত প্রতিষ্ঠানে ছুটি থাকবে। তবে জরুরি সেবা প্রদানকারী প্রতিষ্ঠানগুলো এর আওতার বাইরে থাকবে। এছাড়া ব্যাংক ও আর্থিক প্রতিষ্ঠানগুলোও বন্ধ থাকবে বলে জানিয়েছে বাংলাদেশ ব্যাংক। ছুটির কারণে অনেক কর্মজীবী মানুষ নিজ এলাকায় গিয়ে ভোট দিতে পারবেন। ফলে ভোটার উপস্থিতি বাড়বে বলে আশা করা হচ্ছে। পরিবহন মালিকরা জানিয়েছেন, ঈদের মতো বাড়তি যাত্রীর চাপ সামলাতে অতিরিক্ত বাস ও লঞ্চ চালু করা হবে। রেলওয়ে কর্তৃপক্ষও বিশেষ ট্রেন চালানোর পরিকল্পনা করছে।

সংঘাতের শঙ্কার মধ্যেই আলোচনায় বসছে যুক্তরাষ্ট্র-ইরান
উপচার ডেস্ক

সামরিক উত্তেজনা ও সংঘাতের আশঙ্কার মধ্যেই যুক্তরাষ্ট্র ও ইরান পারমাণবিক কর্মসূচি নিয়ে আলোচনায় বসতে যাচ্ছে। মধ্যপ্রাচ্যে চলমান অস্থিরতার মধ্যে এই আলোচনাকে গুরুত্বপূর্ণ হিসেবে দেখছেন বিশ্লেষকরা। ওমানের রাজধানী মাসকাটে এই বৈঠক অনুষ্ঠিত হবে বলে জানা গেছে। ইরানের পক্ষে পররাষ্ট্রমন্ত্রী আব্বাস আরাগচি এবং যুক্তরাষ্ট্রের পক্ষে বিশেষ দূত স্টিভ উইটকফ প্রতিনিধিত্ব করবেন। আলোচনায় ইরানের পারমাণবিক কর্মসূচি সীমিত করা এবং নিষেধাজ্ঞা শিথিলের বিষয়টি প্রাধান্য পাবে। এর আগে দুই দেশের মধ্যে বেশ কয়েক দফা পরোক্ষ আলোচনা হয়েছে। তবে কোনো চূড়ান্ত সমঝোতায় পৌঁছানো সম্ভব হয়নি। ইরান বলছে, তারা শান্তিপূর্ণ উদ্দেশ্যে পারমাণবিক কর্মসূচি চালাচ্ছে এবং চাপের মুখে কোনো ছাড় দেবে না। অন্যদিকে যুক্তরাষ্ট্র জানিয়েছে, আলোচনা ব্যর্থ হলে অন্যান্য বিকল্প বিবেচনা করা হবে। মধ্যপ্রাচ্যের দেশগুলো উভয় পক্ষকে সংযম দেখানোর আহ্বান জানিয়েছে। বিশ্লেষকরা বলছেন, এই আলোচনা সফল হলে অঞ্চলে উত্তেজনা কমবে এবং তেলের বাজারেও স্থিতিশীলতা আসবে। তবে ব্যর্থ হলে পরিস্থিতি আরও জটিল হতে পারে।
